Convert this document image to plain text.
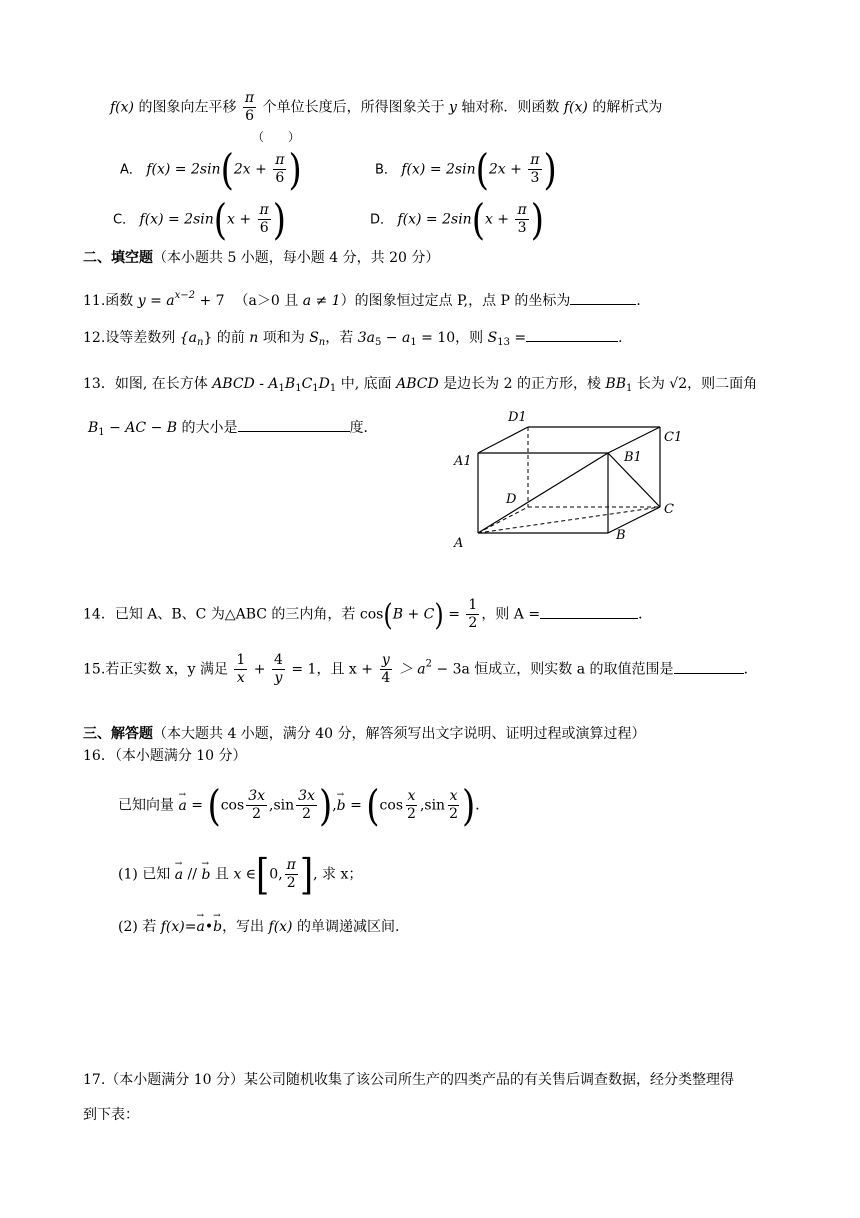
f(x) 的图象向左平移 $\frac{\pi}{6}$ 个单位长度后，所得图象关于 y 轴对称．则函数 f(x) 的解析式为
（　　）
A． $f(x) = 2\sin(2x + \frac{\pi}{6}$ )	B． $f(x) = 2\sin(2x + \frac{\pi}{3}$ )
C． $f(x) = 2\sin(x + \frac{\pi}{6}$ )	D． $f(x) = 2\sin(x + \frac{\pi}{3}$ )
二、填空题（本小题共 5 小题，每小题 4 分，共 20 分）
11.函数 $y = a^{x-2} + 7$ （a＞0 且 a ≠ 1）的图象恒过定点 P,，点 P 的坐标为	．
12.设等差数列 $\{a_n\}$ 的前 n 项和为 $S_n$，若 $3a_5 - a_1 = 10$，则 $S_{13}$ =	．
13．如图, 在长方体 ABCD - $A_1B_1C_1D_1$ 中, 底面 ABCD 是边长为 2 的正方形，棱 $BB_1$ 长为 √2，则二面角
$B_1$ − AC − B 的大小是	度．
D1
C1
A1	B1
D
C
A
B
14．已知 A、B、C 为△ABC 的三内角，若 $\cos(B + C) = \frac{1}{2}$ ，则 A =	．
15.若正实数 x，y 满足 $\frac{1}{x} + \frac{4}{y} = 1$，且 $x + \frac{y}{4} > a^2 - 3a$ 恒成立，则实数 a 的取值范围是	．
三、解答题（本大题共 4 小题，满分 40 分，解答须写出文字说明、证明过程或演算过程）
16．（本小题满分 10 分）
已知向量 → $a = (\cos \frac{3x}{2} ,\sin \frac{3x}{2}$ ),→ $b = (\cos \frac{x}{2} ,\sin \frac{x}{2}$ )．
(1) 已知 → a // → b 且 x ∈[0, $\frac{\pi}{2}$ ], 求 x；
(2) 若 f(x)=→ a•→ b，写出 f(x) 的单调递减区间.
17.（本小题满分 10 分）某公司随机收集了该公司所生产的四类产品的有关售后调查数据，经分类整理得
到下表：
